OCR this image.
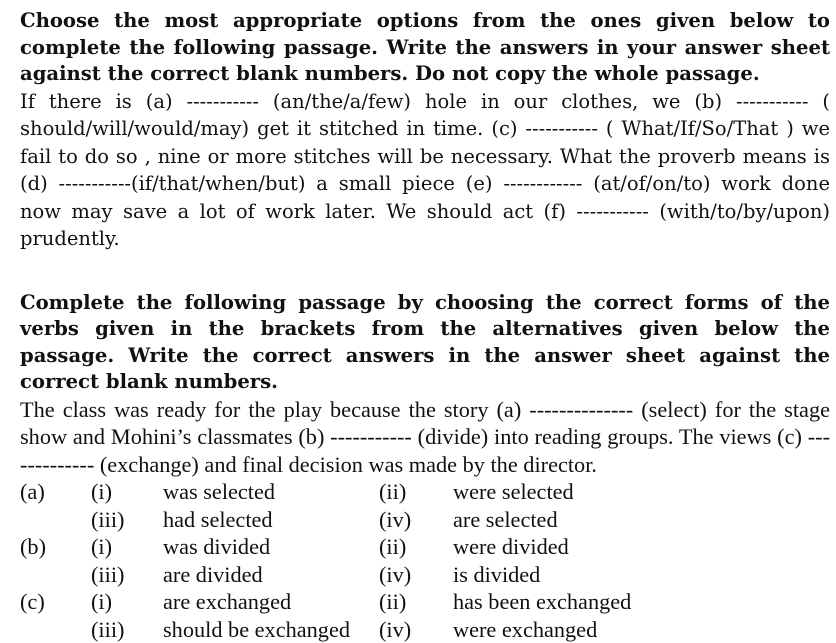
Choose the most appropriate options from the ones given below to complete the following passage. Write the answers in your answer sheet against the correct blank numbers. Do not copy the whole passage.

If there is (a) ----------- (an/the/a/few) hole in our clothes, we (b) ----------- ( should/will/would/may) get it stitched in time. (c) ----------- ( What/If/So/That ) we fail to do so , nine or more stitches will be necessary. What the proverb means is (d) -----------(if/that/when/but) a small piece (e) ------------ (at/of/on/to) work done now may save a lot of work later. We should act (f) ----------- (with/to/by/upon) prudently.

Complete the following passage by choosing the correct forms of the verbs given in the brackets from the alternatives given below the passage. Write the correct answers in the answer sheet against the correct blank numbers.

The class was ready for the play because the story (a) -------------- (select) for the stage show and Mohini’s classmates (b) ----------- (divide) into reading groups. The views (c) ------------- (exchange) and final decision was made by the director.

(a) (i) was selected	(ii) were selected
(iii) had selected	(iv) are selected
(b) (i) was divided	(ii) were divided
(iii) are divided	(iv) is divided
(c) (i) are exchanged	(ii) has been exchanged
(iii) should be exchanged (iv) were exchanged
